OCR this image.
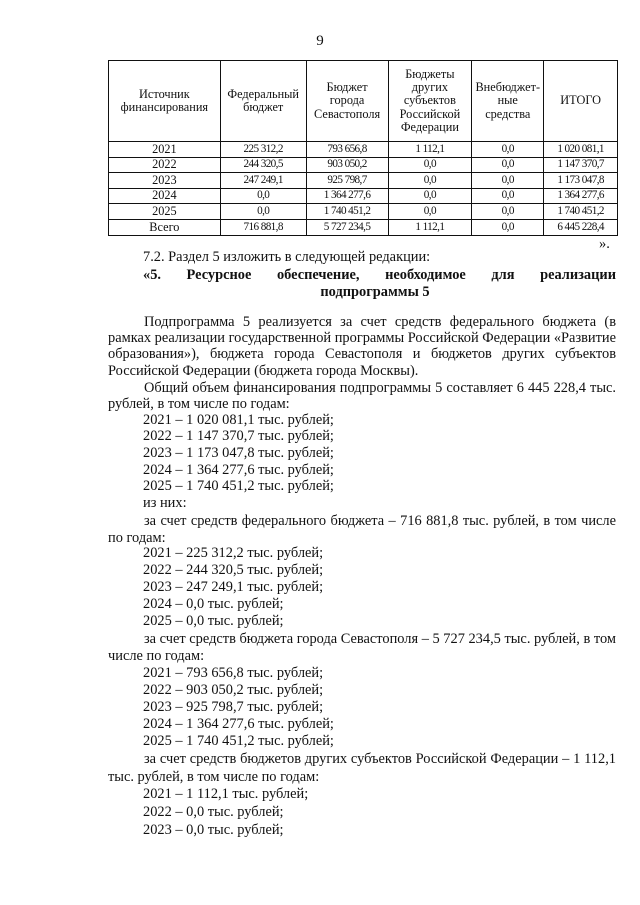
9
Источник финансирования	Федеральный бюджет	Бюджет города Севастополя	Бюджеты других субъектов Российской Федерации	Внебюджет-ные средства	ИТОГО
2021	225 312,2	793 656,8	1 112,1	0,0	1 020 081,1
2022	244 320,5	903 050,2	0,0	0,0	1 147 370,7
2023	247 249,1	925 798,7	0,0	0,0	1 173 047,8
2024	0,0	1 364 277,6	0,0	0,0	1 364 277,6
2025	0,0	1 740 451,2	0,0	0,0	1 740 451,2
Всего	716 881,8	5 727 234,5	1 112,1	0,0	6 445 228,4
».

7.2. Раздел 5 изложить в следующей редакции:

«5. Ресурсное обеспечение, необходимое для реализации

подпрограммы 5

Подпрограмма 5 реализуется за счет средств федерального бюджета (в рамках реализации государственной программы Российской Федерации «Развитие образования»), бюджета города Севастополя и бюджетов других субъектов Российской Федерации (бюджета города Москвы).

Общий объем финансирования подпрограммы 5 составляет 6 445 228,4 тыс. рублей, в том числе по годам:

2021 – 1 020 081,1 тыс. рублей;

2022 – 1 147 370,7 тыс. рублей;

2023 – 1 173 047,8 тыс. рублей;

2024 – 1 364 277,6 тыс. рублей;

2025 – 1 740 451,2 тыс. рублей;

из них:

за счет средств федерального бюджета – 716 881,8 тыс. рублей, в том числе по годам:

2021 – 225 312,2 тыс. рублей;

2022 – 244 320,5 тыс. рублей;

2023 – 247 249,1 тыс. рублей;

2024 – 0,0 тыс. рублей;

2025 – 0,0 тыс. рублей;

за счет средств бюджета города Севастополя – 5 727 234,5 тыс. рублей, в том числе по годам:

2021 – 793 656,8 тыс. рублей;

2022 – 903 050,2 тыс. рублей;

2023 – 925 798,7 тыс. рублей;

2024 – 1 364 277,6 тыс. рублей;

2025 – 1 740 451,2 тыс. рублей;

за счет средств бюджетов других субъектов Российской Федерации – 1 112,1 тыс. рублей, в том числе по годам:

2021 – 1 112,1 тыс. рублей;

2022 – 0,0 тыс. рублей;

2023 – 0,0 тыс. рублей;
